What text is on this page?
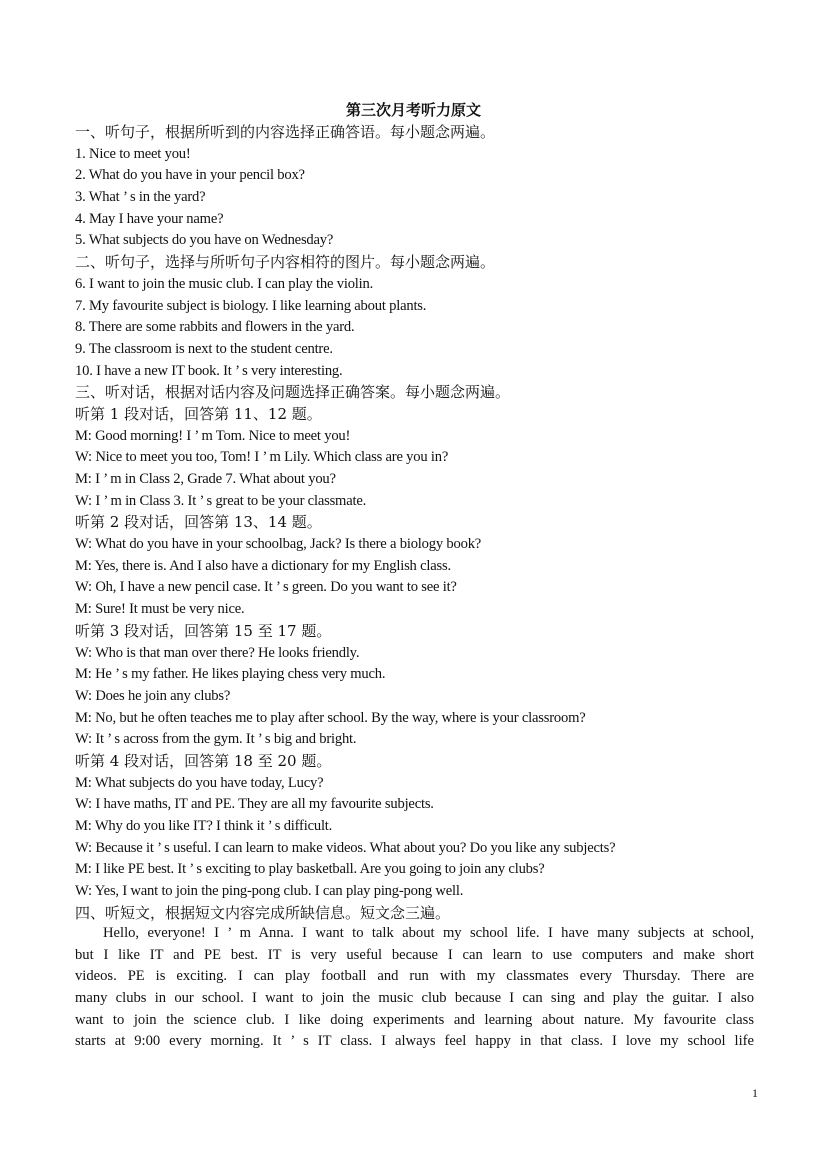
第三次月考听力原文
一、听句子，根据所听到的内容选择正确答语。每小题念两遍。
1. Nice to meet you!
2. What do you have in your pencil box?
3. What ’ s in the yard?
4. May I have your name?
5. What subjects do you have on Wednesday?
二、听句子，选择与所听句子内容相符的图片。每小题念两遍。
6. I want to join the music club. I can play the violin.
7. My favourite subject is biology. I like learning about plants.
8. There are some rabbits and flowers in the yard.
9. The classroom is next to the student centre.
10. I have a new IT book. It ’ s very interesting.
三、听对话，根据对话内容及问题选择正确答案。每小题念两遍。
听第 1 段对话，回答第 11、12 题。
M: Good morning! I ’ m Tom. Nice to meet you!
W: Nice to meet you too, Tom! I ’ m Lily. Which class are you in?
M: I ’ m in Class 2, Grade 7. What about you?
W: I ’ m in Class 3. It ’ s great to be your classmate.
听第 2 段对话，回答第 13、14 题。
W: What do you have in your schoolbag, Jack? Is there a biology book?
M: Yes, there is. And I also have a dictionary for my English class.
W: Oh, I have a new pencil case. It ’ s green. Do you want to see it?
M: Sure! It must be very nice.
听第 3 段对话，回答第 15 至 17 题。
W: Who is that man over there? He looks friendly.
M: He ’ s my father. He likes playing chess very much.
W: Does he join any clubs?
M: No, but he often teaches me to play after school. By the way, where is your classroom?
W: It ’ s across from the gym. It ’ s big and bright.
听第 4 段对话，回答第 18 至 20 题。
M: What subjects do you have today, Lucy?
W: I have maths, IT and PE. They are all my favourite subjects.
M: Why do you like IT? I think it ’ s difficult.
W: Because it ’ s useful. I can learn to make videos. What about you? Do you like any subjects?
M: I like PE best. It ’ s exciting to play basketball. Are you going to join any clubs?
W: Yes, I want to join the ping-pong club. I can play ping-pong well.
四、听短文，根据短文内容完成所缺信息。短文念三遍。
Hello, everyone! I ’ m Anna. I want to talk about my school life. I have many subjects at school,
but I like IT and PE best. IT is very useful because I can learn to use computers and make short
videos. PE is exciting. I can play football and run with my classmates every Thursday. There are
many clubs in our school. I want to join the music club because I can sing and play the guitar. I also
want to join the science club. I like doing experiments and learning about nature. My favourite class
starts at 9:00 every morning. It ’ s IT class. I always feel happy in that class. I love my school life
1
